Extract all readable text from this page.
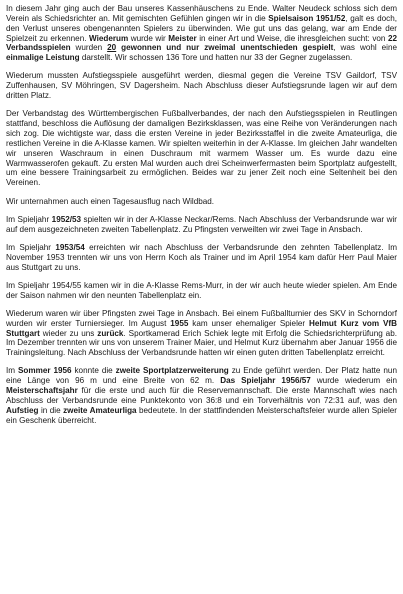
In diesem Jahr ging auch der Bau unseres Kassenhäuschens zu Ende. Walter Neudeck schloss sich dem Verein als Schiedsrichter an. Mit gemischten Gefühlen gingen wir in die Spielsaison 1951/52, galt es doch, den Verlust unseres obengenannten Spielers zu überwinden. Wie gut uns das gelang, war am Ende der Spielzeit zu erkennen. Wiederum wurde wir Meister in einer Art und Weise, die ihresgleichen sucht: von 22 Verbandsspielen wurden 20 gewonnen und nur zweimal unentschieden gespielt, was wohl eine einmalige Leistung darstellt. Wir schossen 136 Tore und hatten nur 33 der Gegner zugelassen.

Wiederum mussten Aufstiegsspiele ausgeführt werden, diesmal gegen die Vereine TSV Gaildorf, TSV Zuffenhausen, SV Möhringen, SV Dagersheim. Nach Abschluss dieser Aufstiegsrunde lagen wir auf dem dritten Platz.

Der Verbandstag des Württembergischen Fußballverbandes, der nach den Aufstiegsspielen in Reutlingen stattfand, beschloss die Auflösung der damaligen Bezirksklassen, was eine Reihe von Veränderungen nach sich zog. Die wichtigste war, dass die ersten Vereine in jeder Bezirksstaffel in die zweite Amateurliga, die restlichen Vereine in die A-Klasse kamen. Wir spielten weiterhin in der A-Klasse. Im gleichen Jahr wandelten wir unseren Waschraum in einen Duschraum mit warmem Wasser um. Es wurde dazu eine Warmwasserofen gekauft. Zu ersten Mal wurden auch drei Scheinwerfermasten beim Sportplatz aufgestellt, um eine bessere Trainingsarbeit zu ermöglichen. Beides war zu jener Zeit noch eine Seltenheit bei den Vereinen.

Wir unternahmen auch einen Tagesausflug nach Wildbad.

Im Spieljahr 1952/53 spielten wir in der A-Klasse Neckar/Rems. Nach Abschluss der Verbandsrunde war wir auf dem ausgezeichneten zweiten Tabellenplatz. Zu Pfingsten verweilten wir zwei Tage in Ansbach.

Im Spieljahr 1953/54 erreichten wir nach Abschluss der Verbandsrunde den zehnten Tabellenplatz. Im November 1953 trennten wir uns von Herrn Koch als Trainer und im April 1954 kam dafür Herr Paul Maier aus Stuttgart zu uns.

Im Spieljahr 1954/55 kamen wir in die A-Klasse Rems-Murr, in der wir auch heute wieder spielen. Am Ende der Saison nahmen wir den neunten Tabellenplatz ein.

Wiederum waren wir über Pfingsten zwei Tage in Ansbach. Bei einem Fußballturnier des SKV in Schorndorf wurden wir erster Turniersieger. Im August 1955 kam unser ehemaliger Spieler Helmut Kurz vom VfB Stuttgart wieder zu uns zurück. Sportkamerad Erich Schiek legte mit Erfolg die Schiedsrichterprüfung ab. Im Dezember trennten wir uns von unserem Trainer Maier, und Helmut Kurz übernahm aber Januar 1956 die Trainingsleitung. Nach Abschluss der Verbandsrunde hatten wir einen guten dritten Tabellenplatz erreicht.

Im Sommer 1956 konnte die zweite Sportplatzerweiterung zu Ende geführt werden. Der Platz hatte nun eine Länge von 96 m und eine Breite von 62 m. Das Spieljahr 1956/57 wurde wiederum ein Meisterschaftsjahr für die erste und auch für die Reservemannschaft. Die erste Mannschaft wies nach Abschluss der Verbandsrunde eine Punktekonto von 36:8 und ein Torverhältnis von 72:31 auf, was den Aufstieg in die zweite Amateurliga bedeutete. In der stattfindenden Meisterschaftsfeier wurde allen Spieler ein Geschenk überreicht.
